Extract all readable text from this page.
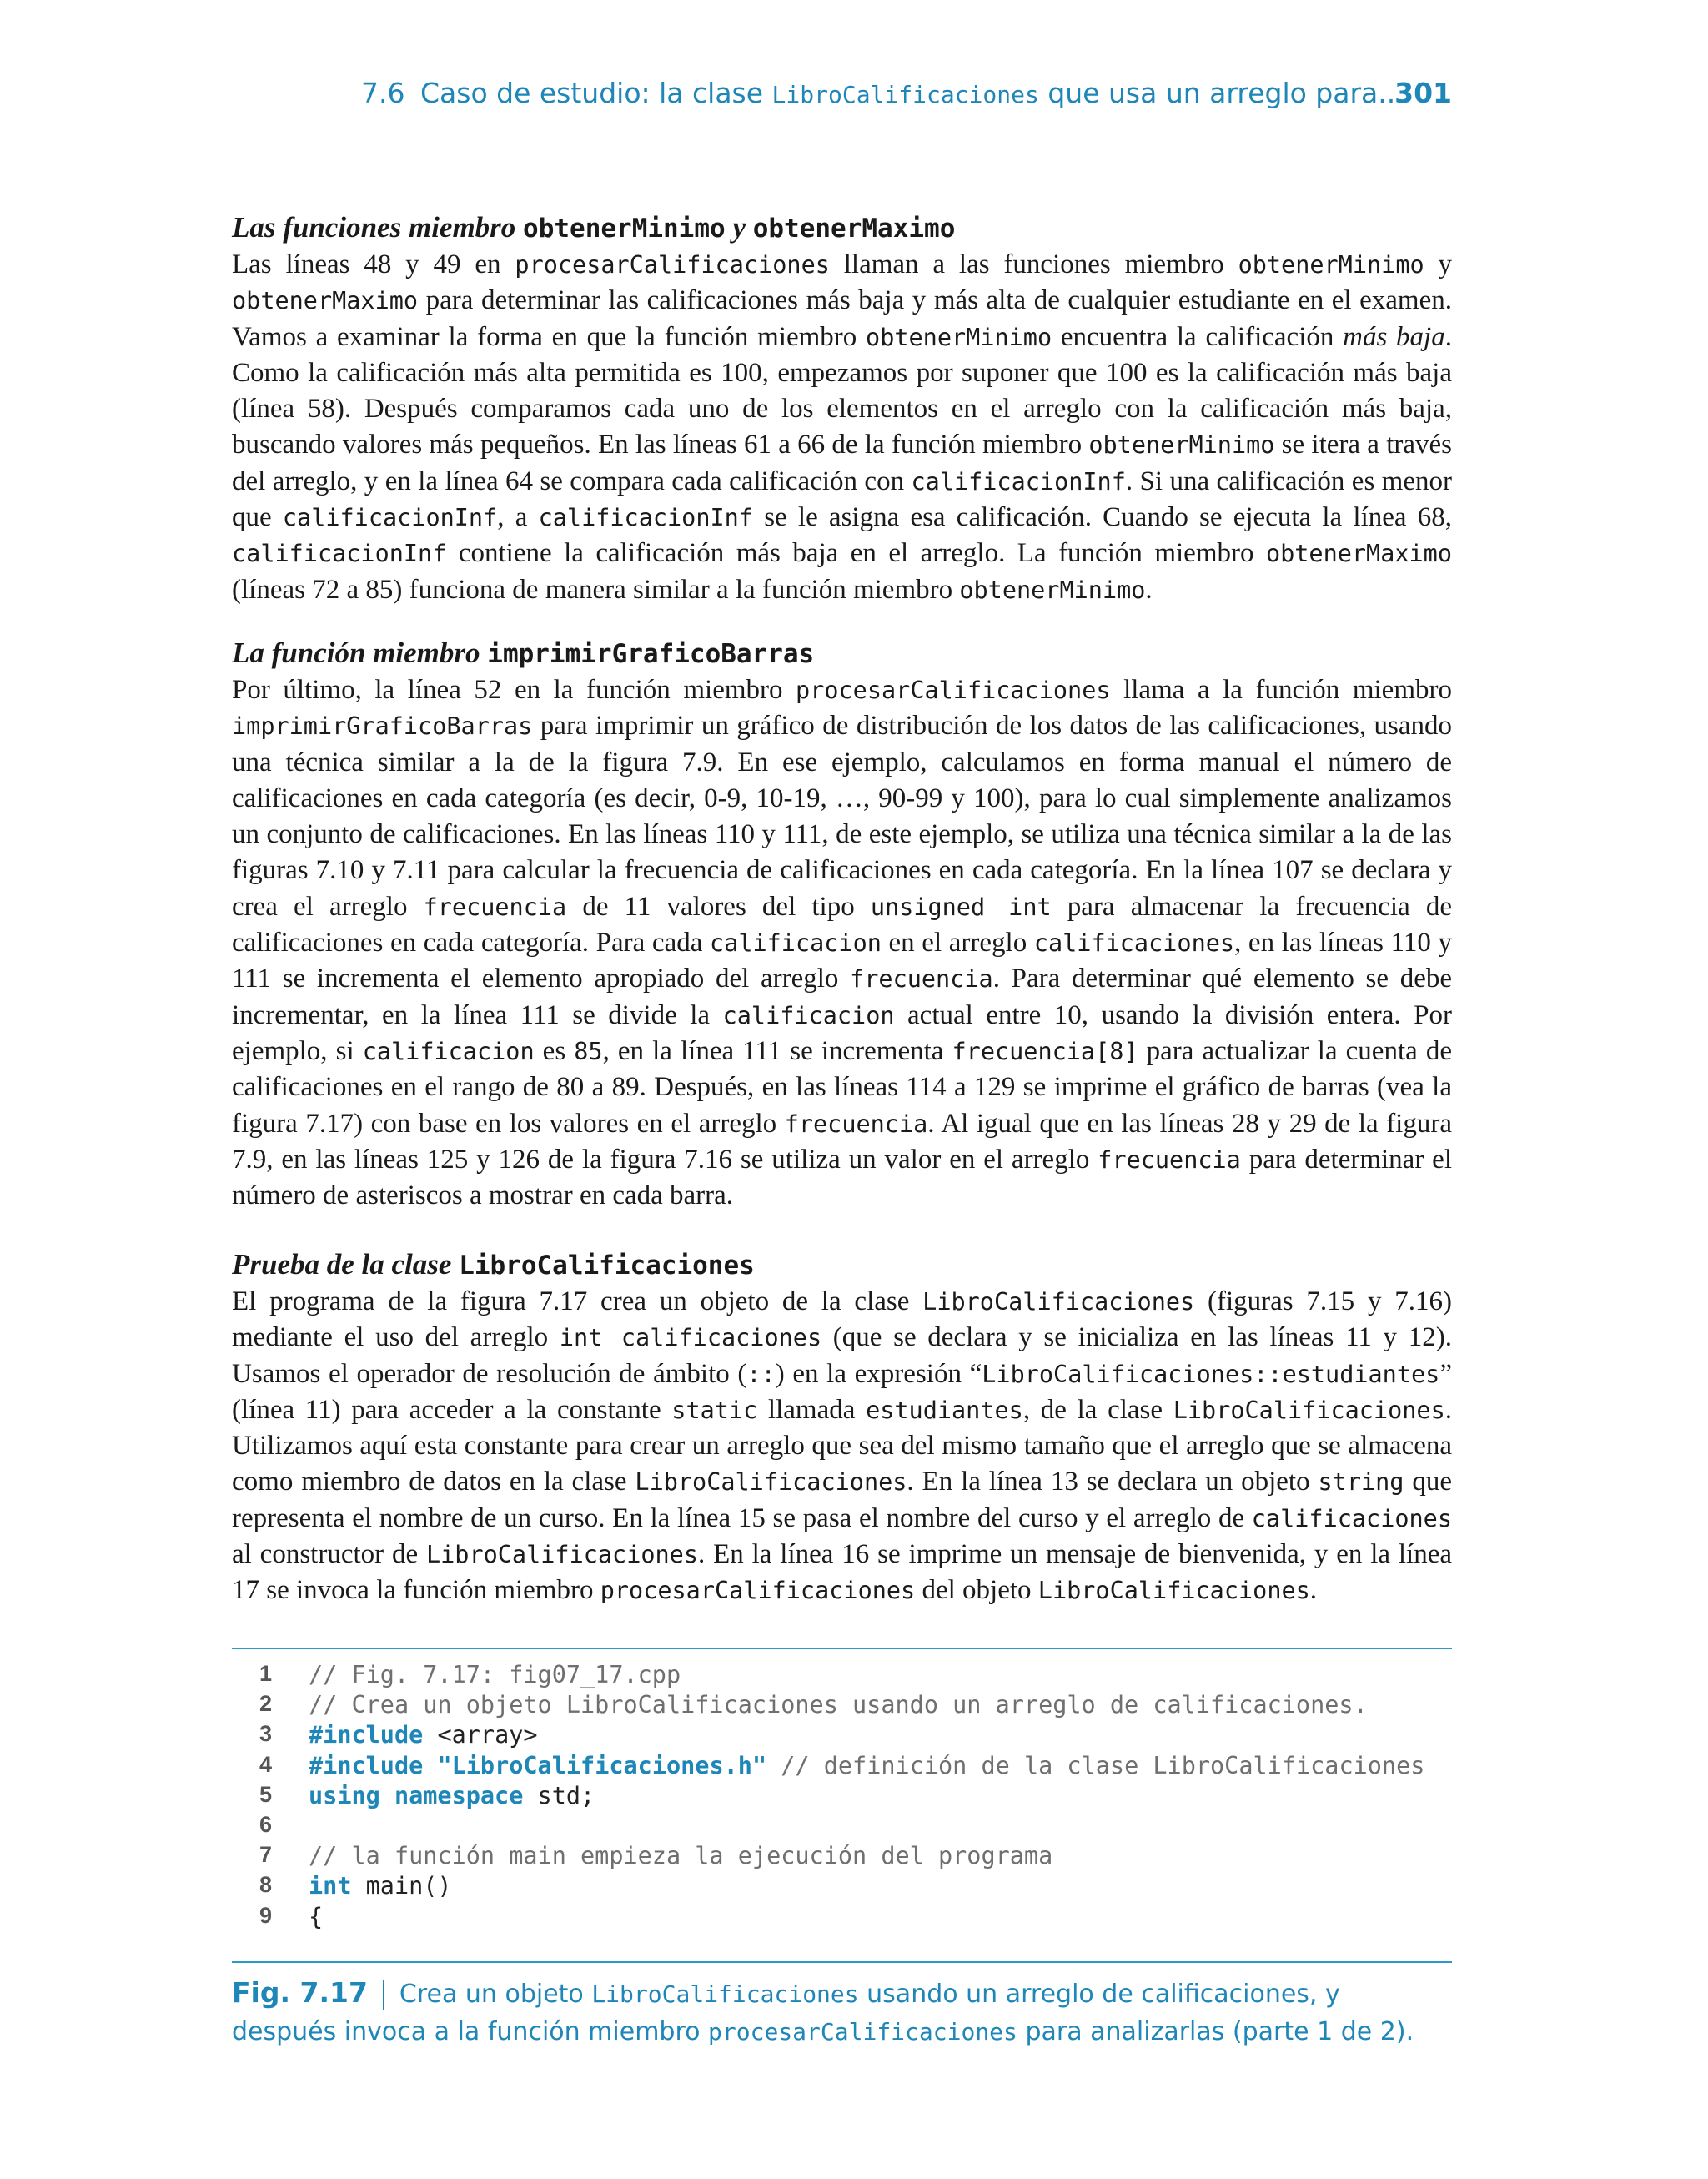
7.6 Caso de estudio: la clase LibroCalificaciones que usa un arreglo para...
301
Las funciones miembro obtenerMinimo y obtenerMaximo

Las líneas 48 y 49 en procesarCalificaciones llaman a las funciones miembro obtenerMinimo y obtenerMaximo para determinar las calificaciones más baja y más alta de cualquier estudiante en el examen. Vamos a examinar la forma en que la función miembro obtenerMinimo encuentra la calificación más baja. Como la calificación más alta permitida es 100, empezamos por suponer que 100 es la calificación más baja (línea 58). Después comparamos cada uno de los elementos en el arreglo con la calificación más baja, buscando valores más pequeños. En las líneas 61 a 66 de la función miembro obtenerMinimo se itera a través del arreglo, y en la línea 64 se compara cada calificación con calificacionInf. Si una calificación es menor que calificacionInf, a calificacionInf se le asigna esa calificación. Cuando se ejecuta la línea 68, calificacionInf contiene la calificación más baja en el arreglo. La función miembro obtenerMaximo (líneas 72 a 85) funciona de manera similar a la función miembro obtenerMinimo.

La función miembro imprimirGraficoBarras

Por último, la línea 52 en la función miembro procesarCalificaciones llama a la función miembro imprimirGraficoBarras para imprimir un gráfico de distribución de los datos de las calificaciones, usando una técnica similar a la de la figura 7.9. En ese ejemplo, calculamos en forma manual el número de calificaciones en cada categoría (es decir, 0-9, 10-19, …, 90-99 y 100), para lo cual simplemente analizamos un conjunto de calificaciones. En las líneas 110 y 111, de este ejemplo, se utiliza una técnica similar a la de las figuras 7.10 y 7.11 para calcular la frecuencia de calificaciones en cada categoría. En la línea 107 se declara y crea el arreglo frecuencia de 11 valores del tipo unsigned int para almacenar la frecuencia de calificaciones en cada categoría. Para cada calificacion en el arreglo calificaciones, en las líneas 110 y 111 se incrementa el elemento apropiado del arreglo frecuencia. Para determinar qué elemento se debe incrementar, en la línea 111 se divide la calificacion actual entre 10, usando la división entera. Por ejemplo, si calificacion es 85, en la línea 111 se incrementa frecuencia[8] para actualizar la cuenta de calificaciones en el rango de 80 a 89. Después, en las líneas 114 a 129 se imprime el gráfico de barras (vea la figura 7.17) con base en los valores en el arreglo frecuencia. Al igual que en las líneas 28 y 29 de la figura 7.9, en las líneas 125 y 126 de la figura 7.16 se utiliza un valor en el arreglo frecuencia para determinar el número de asteriscos a mostrar en cada barra.

Prueba de la clase LibroCalificaciones

El programa de la figura 7.17 crea un objeto de la clase LibroCalificaciones (figuras 7.15 y 7.16) mediante el uso del arreglo int calificaciones (que se declara y se inicializa en las líneas 11 y 12). Usamos el operador de resolución de ámbito (::) en la expresión “LibroCalificaciones::estudiantes” (línea 11) para acceder a la constante static llamada estudiantes, de la clase LibroCalificaciones. Utilizamos aquí esta constante para crear un arreglo que sea del mismo tamaño que el arreglo que se almacena como miembro de datos en la clase LibroCalificaciones. En la línea 13 se declara un objeto string que representa el nombre de un curso. En la línea 15 se pasa el nombre del curso y el arreglo de calificaciones al constructor de LibroCalificaciones. En la línea 16 se imprime un mensaje de bienvenida, y en la línea 17 se invoca la función miembro procesarCalificaciones del objeto LibroCalificaciones.

1 // Fig. 7.17: fig07_17.cpp
2 // Crea un objeto LibroCalificaciones usando un arreglo de calificaciones.
3 #include <array>
4 #include "LibroCalificaciones.h" // definición de la clase LibroCalificaciones
5 using namespace std;
6
7 // la función main empieza la ejecución del programa
8 int main()
9 {
Fig. 7.17 Crea un objeto LibroCalificaciones usando un arreglo de calificaciones, y después invoca a la función miembro procesarCalificaciones para analizarlas (parte 1 de 2).
